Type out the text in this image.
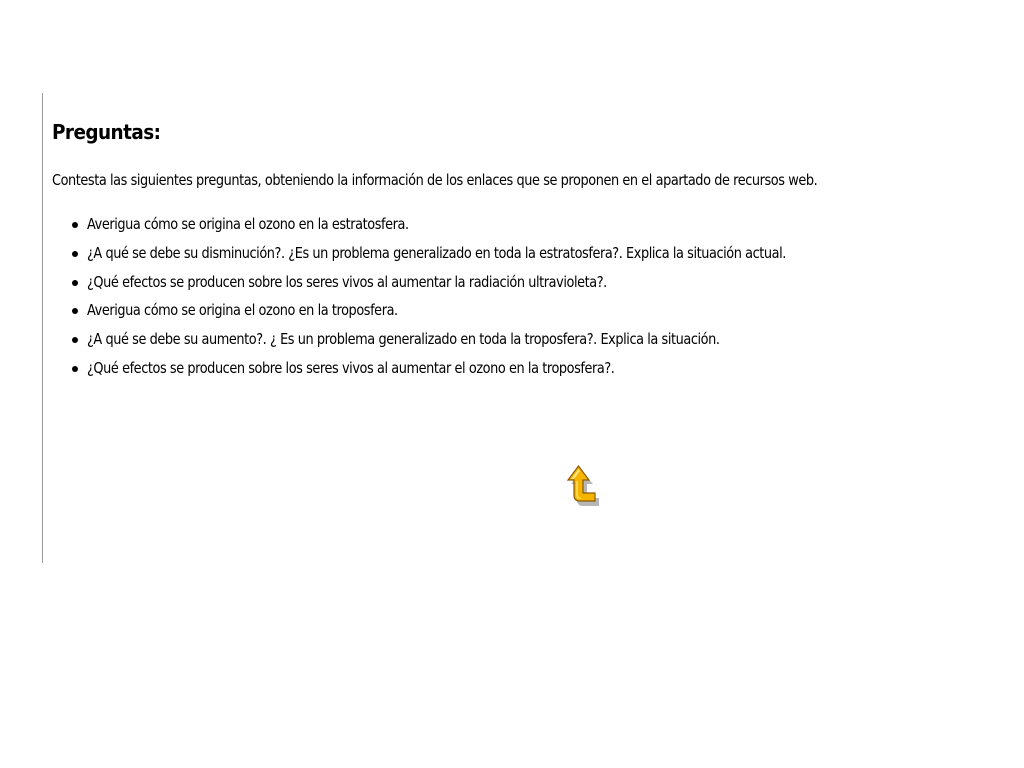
Preguntas:

Contesta las siguientes preguntas, obteniendo la información de los enlaces que se proponen en el apartado de recursos web.

Averigua cómo se origina el ozono en la estratosfera.
¿A qué se debe su disminución?. ¿Es un problema generalizado en toda la estratosfera?. Explica la situación actual.
¿Qué efectos se producen sobre los seres vivos al aumentar la radiación ultravioleta?.
Averigua cómo se origina el ozono en la troposfera.
¿A qué se debe su aumento?. ¿ Es un problema generalizado en toda la troposfera?. Explica la situación.
¿Qué efectos se producen sobre los seres vivos al aumentar el ozono en la troposfera?.
